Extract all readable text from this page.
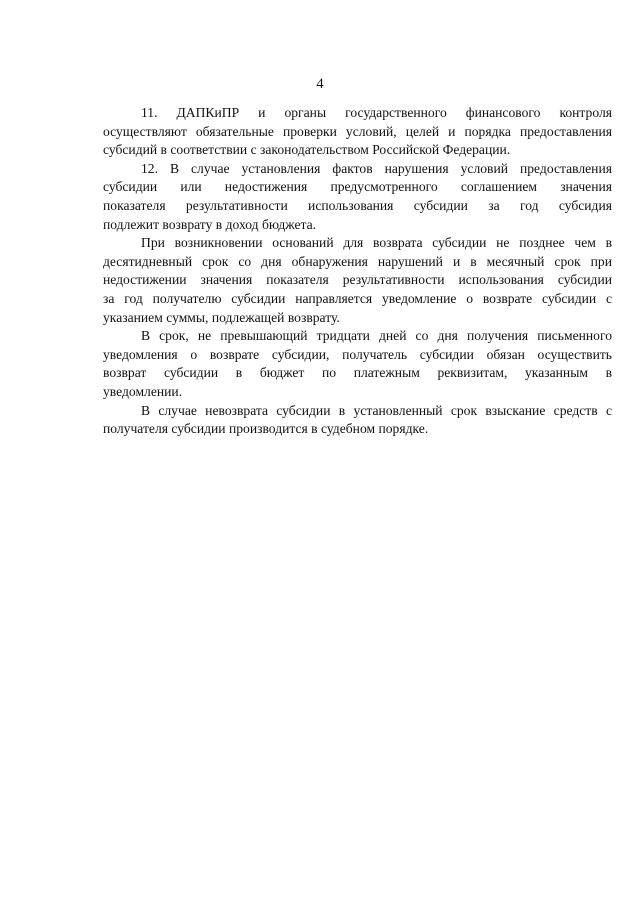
4

11. ДАПКиПР и органы государственного финансового контроля
осуществляют обязательные проверки условий, целей и порядка предоставления
субсидий в соответствии с законодательством Российской Федерации.

12. В случае установления фактов нарушения условий предоставления
субсидии или недостижения предусмотренного соглашением значения
показателя результативности использования субсидии за год субсидия
подлежит возврату в доход бюджета.

При возникновении оснований для возврата субсидии не позднее чем в
десятидневный срок со дня обнаружения нарушений и в месячный срок при
недостижении значения показателя результативности использования субсидии
за год получателю субсидии направляется уведомление о возврате субсидии с
указанием суммы, подлежащей возврату.

В срок, не превышающий тридцати дней со дня получения письменного
уведомления о возврате субсидии, получатель субсидии обязан осуществить
возврат субсидии в бюджет по платежным реквизитам, указанным в
уведомлении.

В случае невозврата субсидии в установленный срок взыскание средств с
получателя субсидии производится в судебном порядке.
